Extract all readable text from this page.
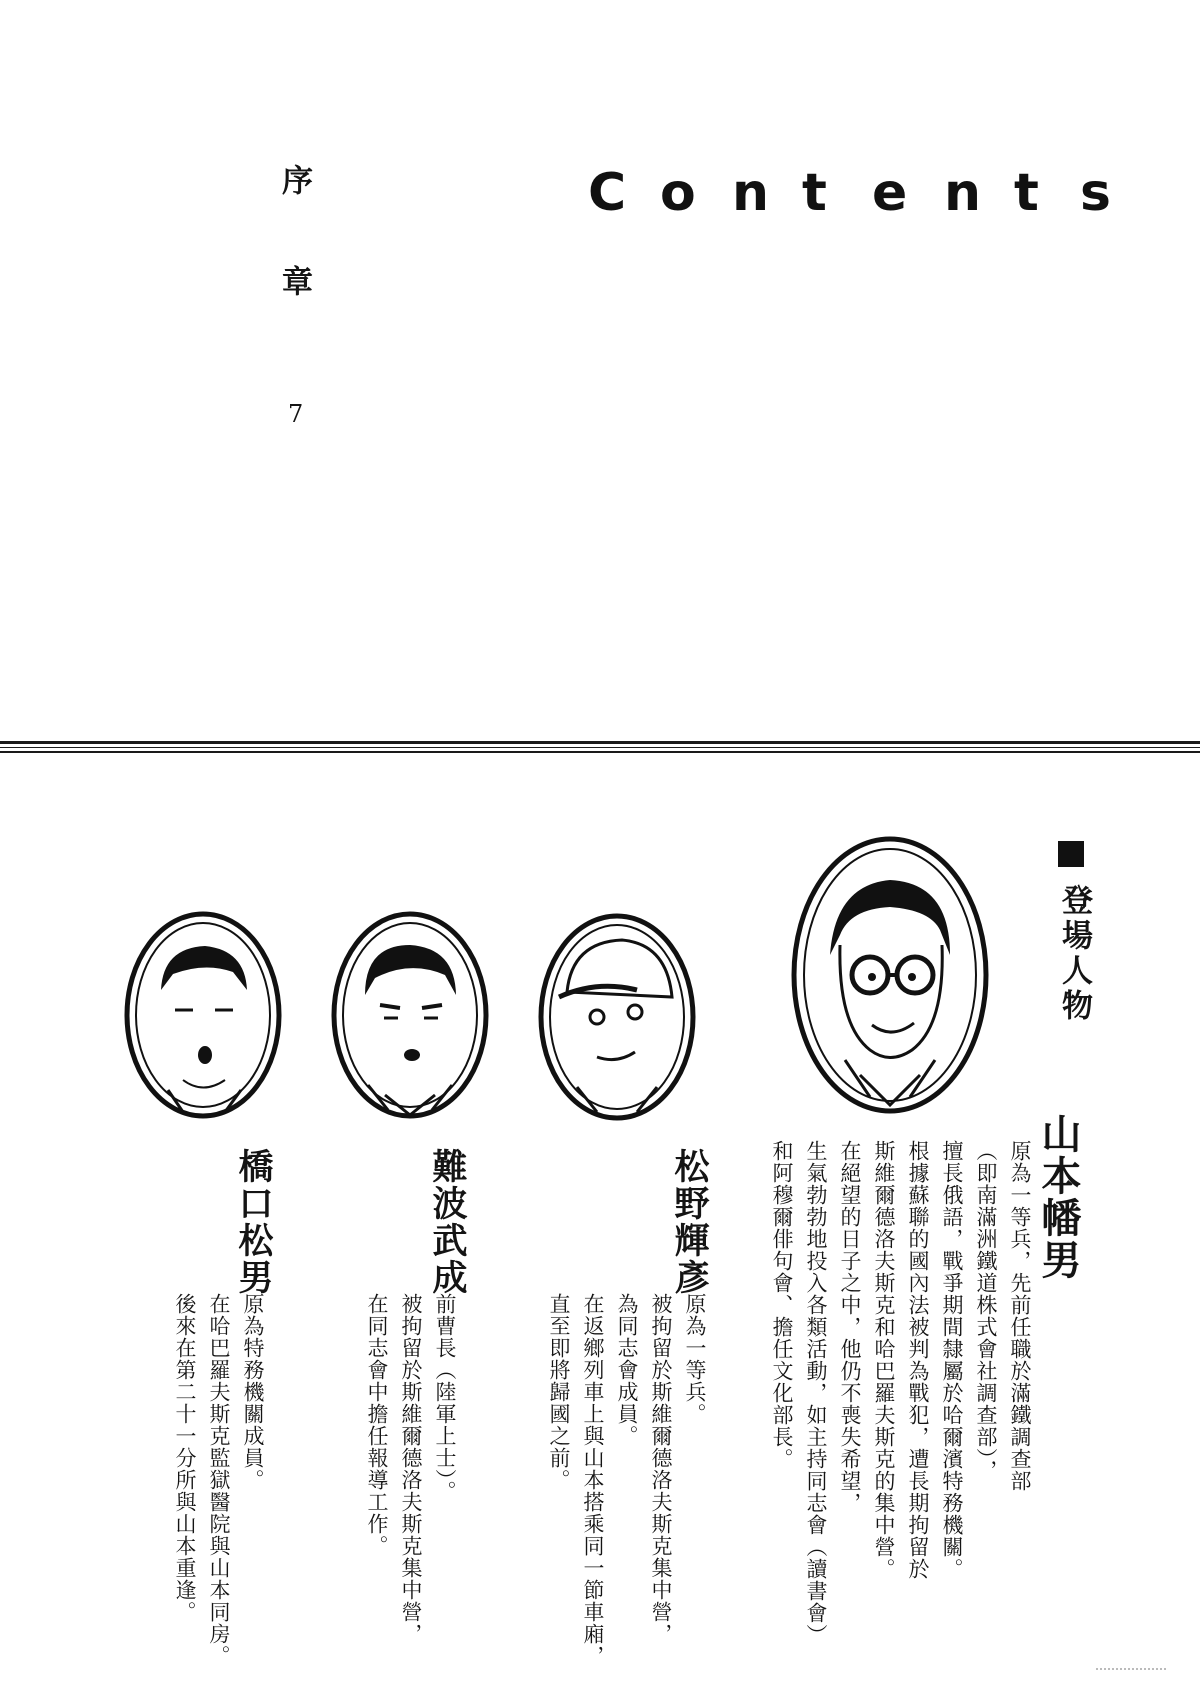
C o n t e n t s
序章
7
登場人物
山本幡男
原為一等兵，先前任職於滿鐵調查部
（即南滿洲鐵道株式會社調查部），
擅長俄語，戰爭期間隸屬於哈爾濱特務機關。
根據蘇聯的國內法被判為戰犯，遭長期拘留於
斯維爾德洛夫斯克和哈巴羅夫斯克的集中營。
在絕望的日子之中，他仍不喪失希望，
生氣勃勃地投入各類活動，如主持同志會（讀書會）
和阿穆爾俳句會、擔任文化部長。
松野輝彥
原為一等兵。
被拘留於斯維爾德洛夫斯克集中營，
為同志會成員。
在返鄉列車上與山本搭乘同一節車廂，
直至即將歸國之前。
難波武成
前曹長（陸軍上士）。
被拘留於斯維爾德洛夫斯克集中營，
在同志會中擔任報導工作。
橋口松男
原為特務機關成員。
在哈巴羅夫斯克監獄醫院與山本同房。
後來在第二十一分所與山本重逢。
